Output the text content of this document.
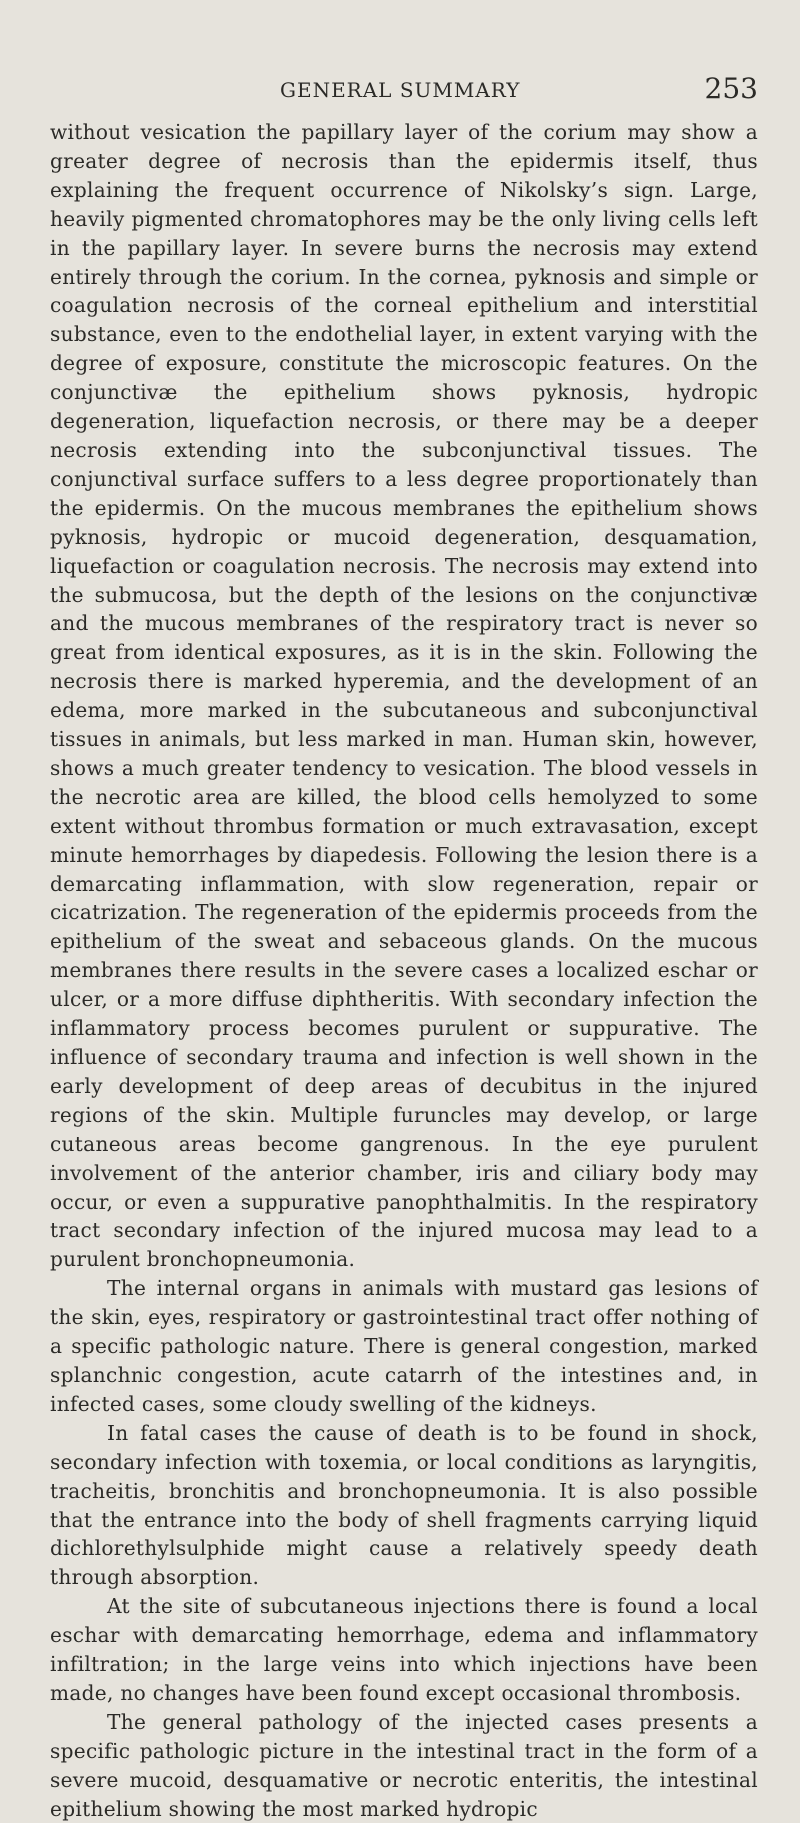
GENERAL SUMMARY	253

without vesication the papillary layer of the corium may show a greater degree of necrosis than the epidermis itself, thus explaining the frequent occurrence of Nikolsky’s sign. Large, heavily pigmented chromatophores may be the only living cells left in the papillary layer. In severe burns the necrosis may extend entirely through the corium. In the cornea, pyknosis and simple or coagulation necrosis of the corneal epithelium and interstitial substance, even to the endothelial layer, in extent varying with the degree of exposure, constitute the microscopic features. On the conjunctivæ the epithelium shows pyknosis, hydropic degeneration, liquefaction necrosis, or there may be a deeper necrosis extending into the subconjunctival tissues. The conjunctival surface suffers to a less degree proportionately than the epidermis. On the mucous membranes the epithelium shows pyknosis, hydropic or mucoid degeneration, desquamation, liquefaction or coagulation necrosis. The necrosis may extend into the submucosa, but the depth of the lesions on the conjunctivæ and the mucous membranes of the respiratory tract is never so great from identical exposures, as it is in the skin. Following the necrosis there is marked hyperemia, and the development of an edema, more marked in the subcutaneous and subconjunctival tissues in animals, but less marked in man. Human skin, however, shows a much greater tendency to vesication. The blood vessels in the necrotic area are killed, the blood cells hemolyzed to some extent without thrombus formation or much extravasation, except minute hemorrhages by diapedesis. Following the lesion there is a demarcating inflammation, with slow regeneration, repair or cicatrization. The regeneration of the epidermis proceeds from the epithelium of the sweat and sebaceous glands. On the mucous membranes there results in the severe cases a localized eschar or ulcer, or a more diffuse diphtheritis. With secondary infection the inflammatory process becomes purulent or suppurative. The influence of secondary trauma and infection is well shown in the early development of deep areas of decubitus in the injured regions of the skin. Multiple furuncles may develop, or large cutaneous areas become gangrenous. In the eye purulent involvement of the anterior chamber, iris and ciliary body may occur, or even a suppurative panophthalmitis. In the respiratory tract secondary infection of the injured mucosa may lead to a purulent bronchopneumonia.

The internal organs in animals with mustard gas lesions of the skin, eyes, respiratory or gastrointestinal tract offer nothing of a specific pathologic nature. There is general congestion, marked splanchnic congestion, acute catarrh of the intestines and, in infected cases, some cloudy swelling of the kidneys.

In fatal cases the cause of death is to be found in shock, secondary infection with toxemia, or local conditions as laryngitis, tracheitis, bronchitis and bronchopneumonia. It is also possible that the entrance into the body of shell fragments carrying liquid dichlorethylsulphide might cause a relatively speedy death through absorption.

At the site of subcutaneous injections there is found a local eschar with demarcating hemorrhage, edema and inflammatory infiltration; in the large veins into which injections have been made, no changes have been found except occasional thrombosis.

The general pathology of the injected cases presents a specific pathologic picture in the intestinal tract in the form of a severe mucoid, desquamative or necrotic enteritis, the intestinal epithelium showing the most marked hydropic
